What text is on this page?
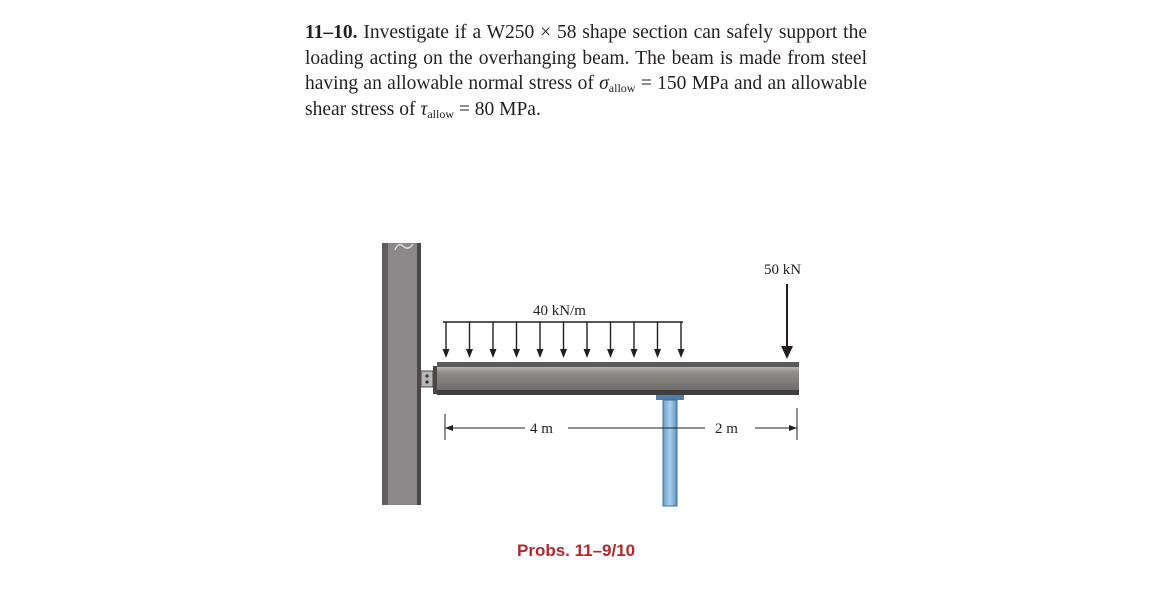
11–10. Investigate if a W250 × 58 shape section can safely support the loading acting on the overhanging beam. The beam is made from steel having an allowable normal stress of $\sigma_{allow} = 150$ MPa and an allowable shear stress of $\tau_{allow} = 80$ MPa.
40 kN/m
50 kN
4 m	2 m
Probs. 11–9/10
